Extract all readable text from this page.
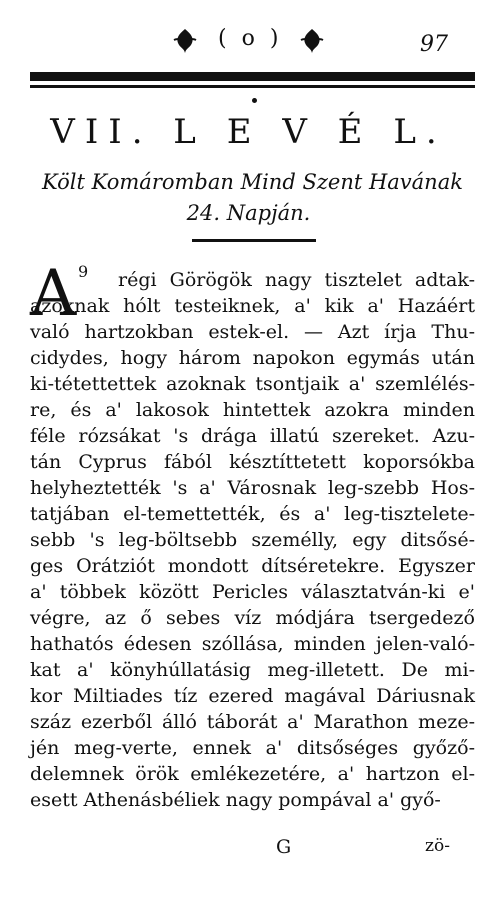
( o )	97
VII. L E V É L.
Költ Komáromban Mind Szent Havának
24. Napján.
A 9 régi Görögök nagy tisztelet adtak-
azoknak hólt testeiknek, a' kik a' Hazáért
való hartzokban estek-el. — Azt írja Thu-
cidydes, hogy három napokon egymás után
ki-tétettettek azoknak tsontjaik a' szemlélés-
re, és a' lakosok hintettek azokra minden
féle rózsákat 's drága illatú szereket. Azu-
tán Cyprus fából késztíttetett koporsókba
helyheztették 's a' Városnak leg-szebb Hos-
tatjában el-temettették, és a' leg-tisztelete-
sebb 's leg-böltsebb személly, egy ditsősé-
ges Orátziót mondott dítséretekre. Egyszer
a' többek között Pericles választatván-ki e'
végre, az ő sebes víz módjára tsergedező
hathatós édesen szóllása, minden jelen-való-
kat a' könyhúllatásig meg-illetett. De mi-
kor Miltiades tíz ezered magával Dáriusnak
száz ezerből álló táborát a' Marathon meze-
jén meg-verte, ennek a' ditsőséges győző-
delemnek örök emlékezetére, a' hartzon el-
esett Athenásbéliek nagy pompával a' győ-
G	zö-
